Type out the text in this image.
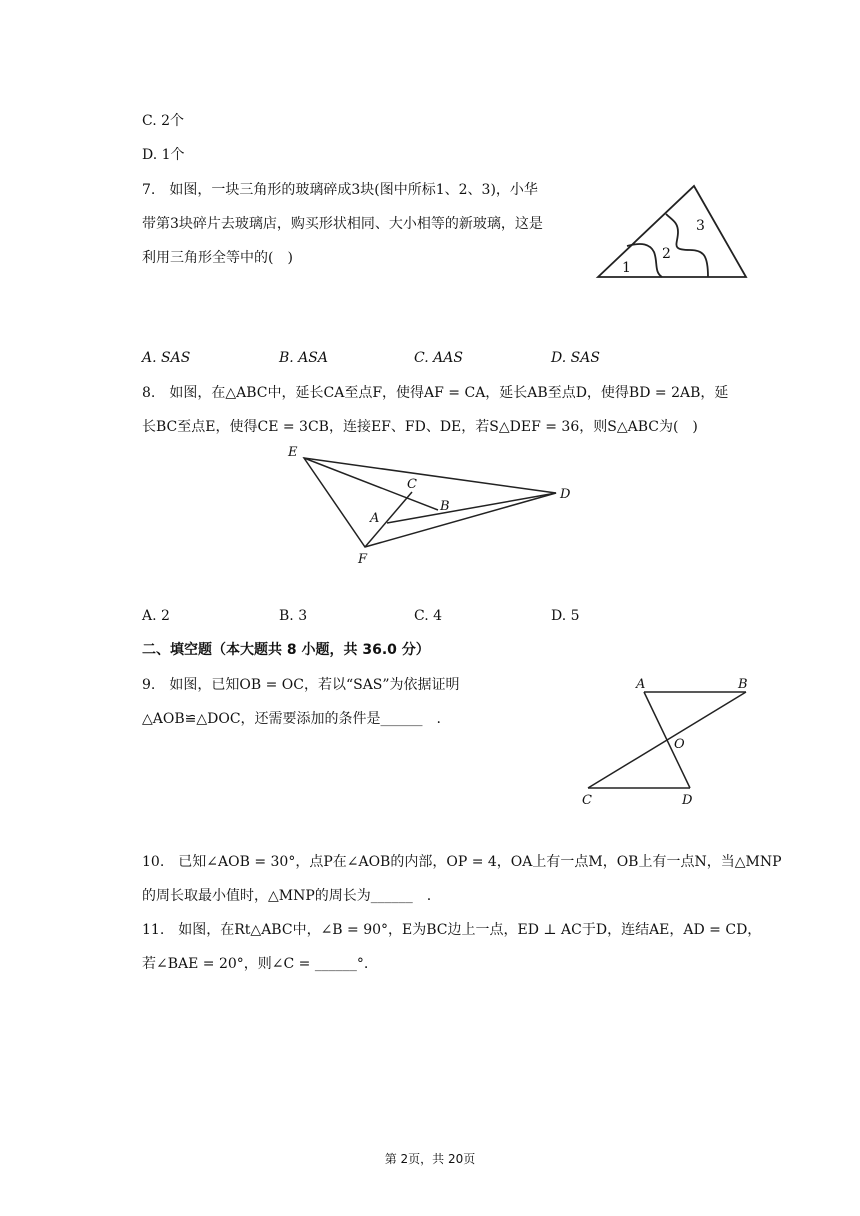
C. 2个
D. 1个
7.　如图，一块三角形的玻璃碎成3块(图中所标1、2、3)，小华
带第3块碎片去玻璃店，购买形状相同、大小相等的新玻璃，这是
利用三角形全等中的(　)
1
2
3
A. SAS	B. ASA	C. AAS	D. SAS
8.　如图，在△ABC中，延长CA至点F，使得AF = CA，延长AB至点D，使得BD = 2AB，延
长BC至点E，使得CE = 3CB，连接EF、FD、DE，若S△DEF = 36，则S△ABC为(　)
E
C
B
A
D
F
A. 2	B. 3	C. 4	D. 5
二、填空题（本大题共 8 小题，共 36.0 分）
9.　如图，已知OB = OC，若以“SAS”为依据证明
△AOB≌△DOC，还需要添加的条件是______　.
A	B
O
C	D
10.　已知∠AOB = 30°，点P在∠AOB的内部，OP = 4，OA上有一点M，OB上有一点N，当△MNP
的周长取最小值时，△MNP的周长为______　.
11.　如图，在Rt△ABC中，∠B = 90°，E为BC边上一点，ED ⊥ AC于D，连结AE，AD = CD，
若∠BAE = 20°，则∠C = ______°.
第 2页，共 20页
